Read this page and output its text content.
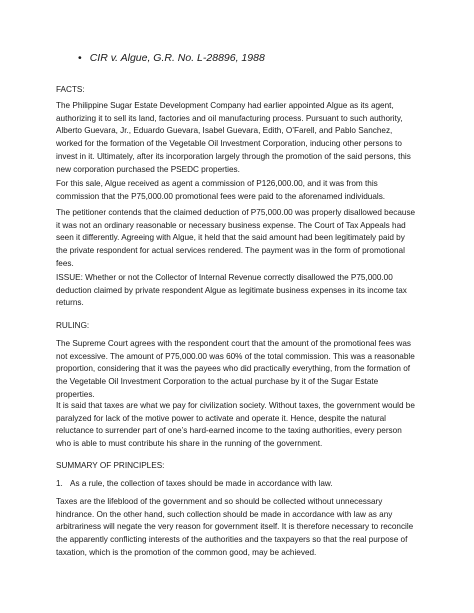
• CIR v. Algue, G.R. No. L-28896, 1988
FACTS:

The Philippine Sugar Estate Development Company had earlier appointed Algue as its agent, authorizing it to sell its land, factories and oil manufacturing process. Pursuant to such authority, Alberto Guevara, Jr., Eduardo Guevara, Isabel Guevara, Edith, O’Farell, and Pablo Sanchez, worked for the formation of the Vegetable Oil Investment Corporation, inducing other persons to invest in it. Ultimately, after its incorporation largely through the promotion of the said persons, this new corporation purchased the PSEDC properties.

For this sale, Algue received as agent a commission of P126,000.00, and it was from this commission that the P75,000.00 promotional fees were paid to the aforenamed individuals.

The petitioner contends that the claimed deduction of P75,000.00 was properly disallowed because it was not an ordinary reasonable or necessary business expense. The Court of Tax Appeals had seen it differently. Agreeing with Algue, it held that the said amount had been legitimately paid by the private respondent for actual services rendered. The payment was in the form of promotional fees.

ISSUE: Whether or not the Collector of Internal Revenue correctly disallowed the P75,000.00 deduction claimed by private respondent Algue as legitimate business expenses in its income tax returns.

RULING:

The Supreme Court agrees with the respondent court that the amount of the promotional fees was not excessive. The amount of P75,000.00 was 60% of the total commission. This was a reasonable proportion, considering that it was the payees who did practically everything, from the formation of the Vegetable Oil Investment Corporation to the actual purchase by it of the Sugar Estate properties.

It is said that taxes are what we pay for civilization society. Without taxes, the government would be paralyzed for lack of the motive power to activate and operate it. Hence, despite the natural reluctance to surrender part of one’s hard-earned income to the taxing authorities, every person who is able to must contribute his share in the running of the government.

SUMMARY OF PRINCIPLES:
1. As a rule, the collection of taxes should be made in accordance with law.

Taxes are the lifeblood of the government and so should be collected without unnecessary hindrance. On the other hand, such collection should be made in accordance with law as any arbitrariness will negate the very reason for government itself. It is therefore necessary to reconcile the apparently conflicting interests of the authorities and the taxpayers so that the real purpose of taxation, which is the promotion of the common good, may be achieved.
